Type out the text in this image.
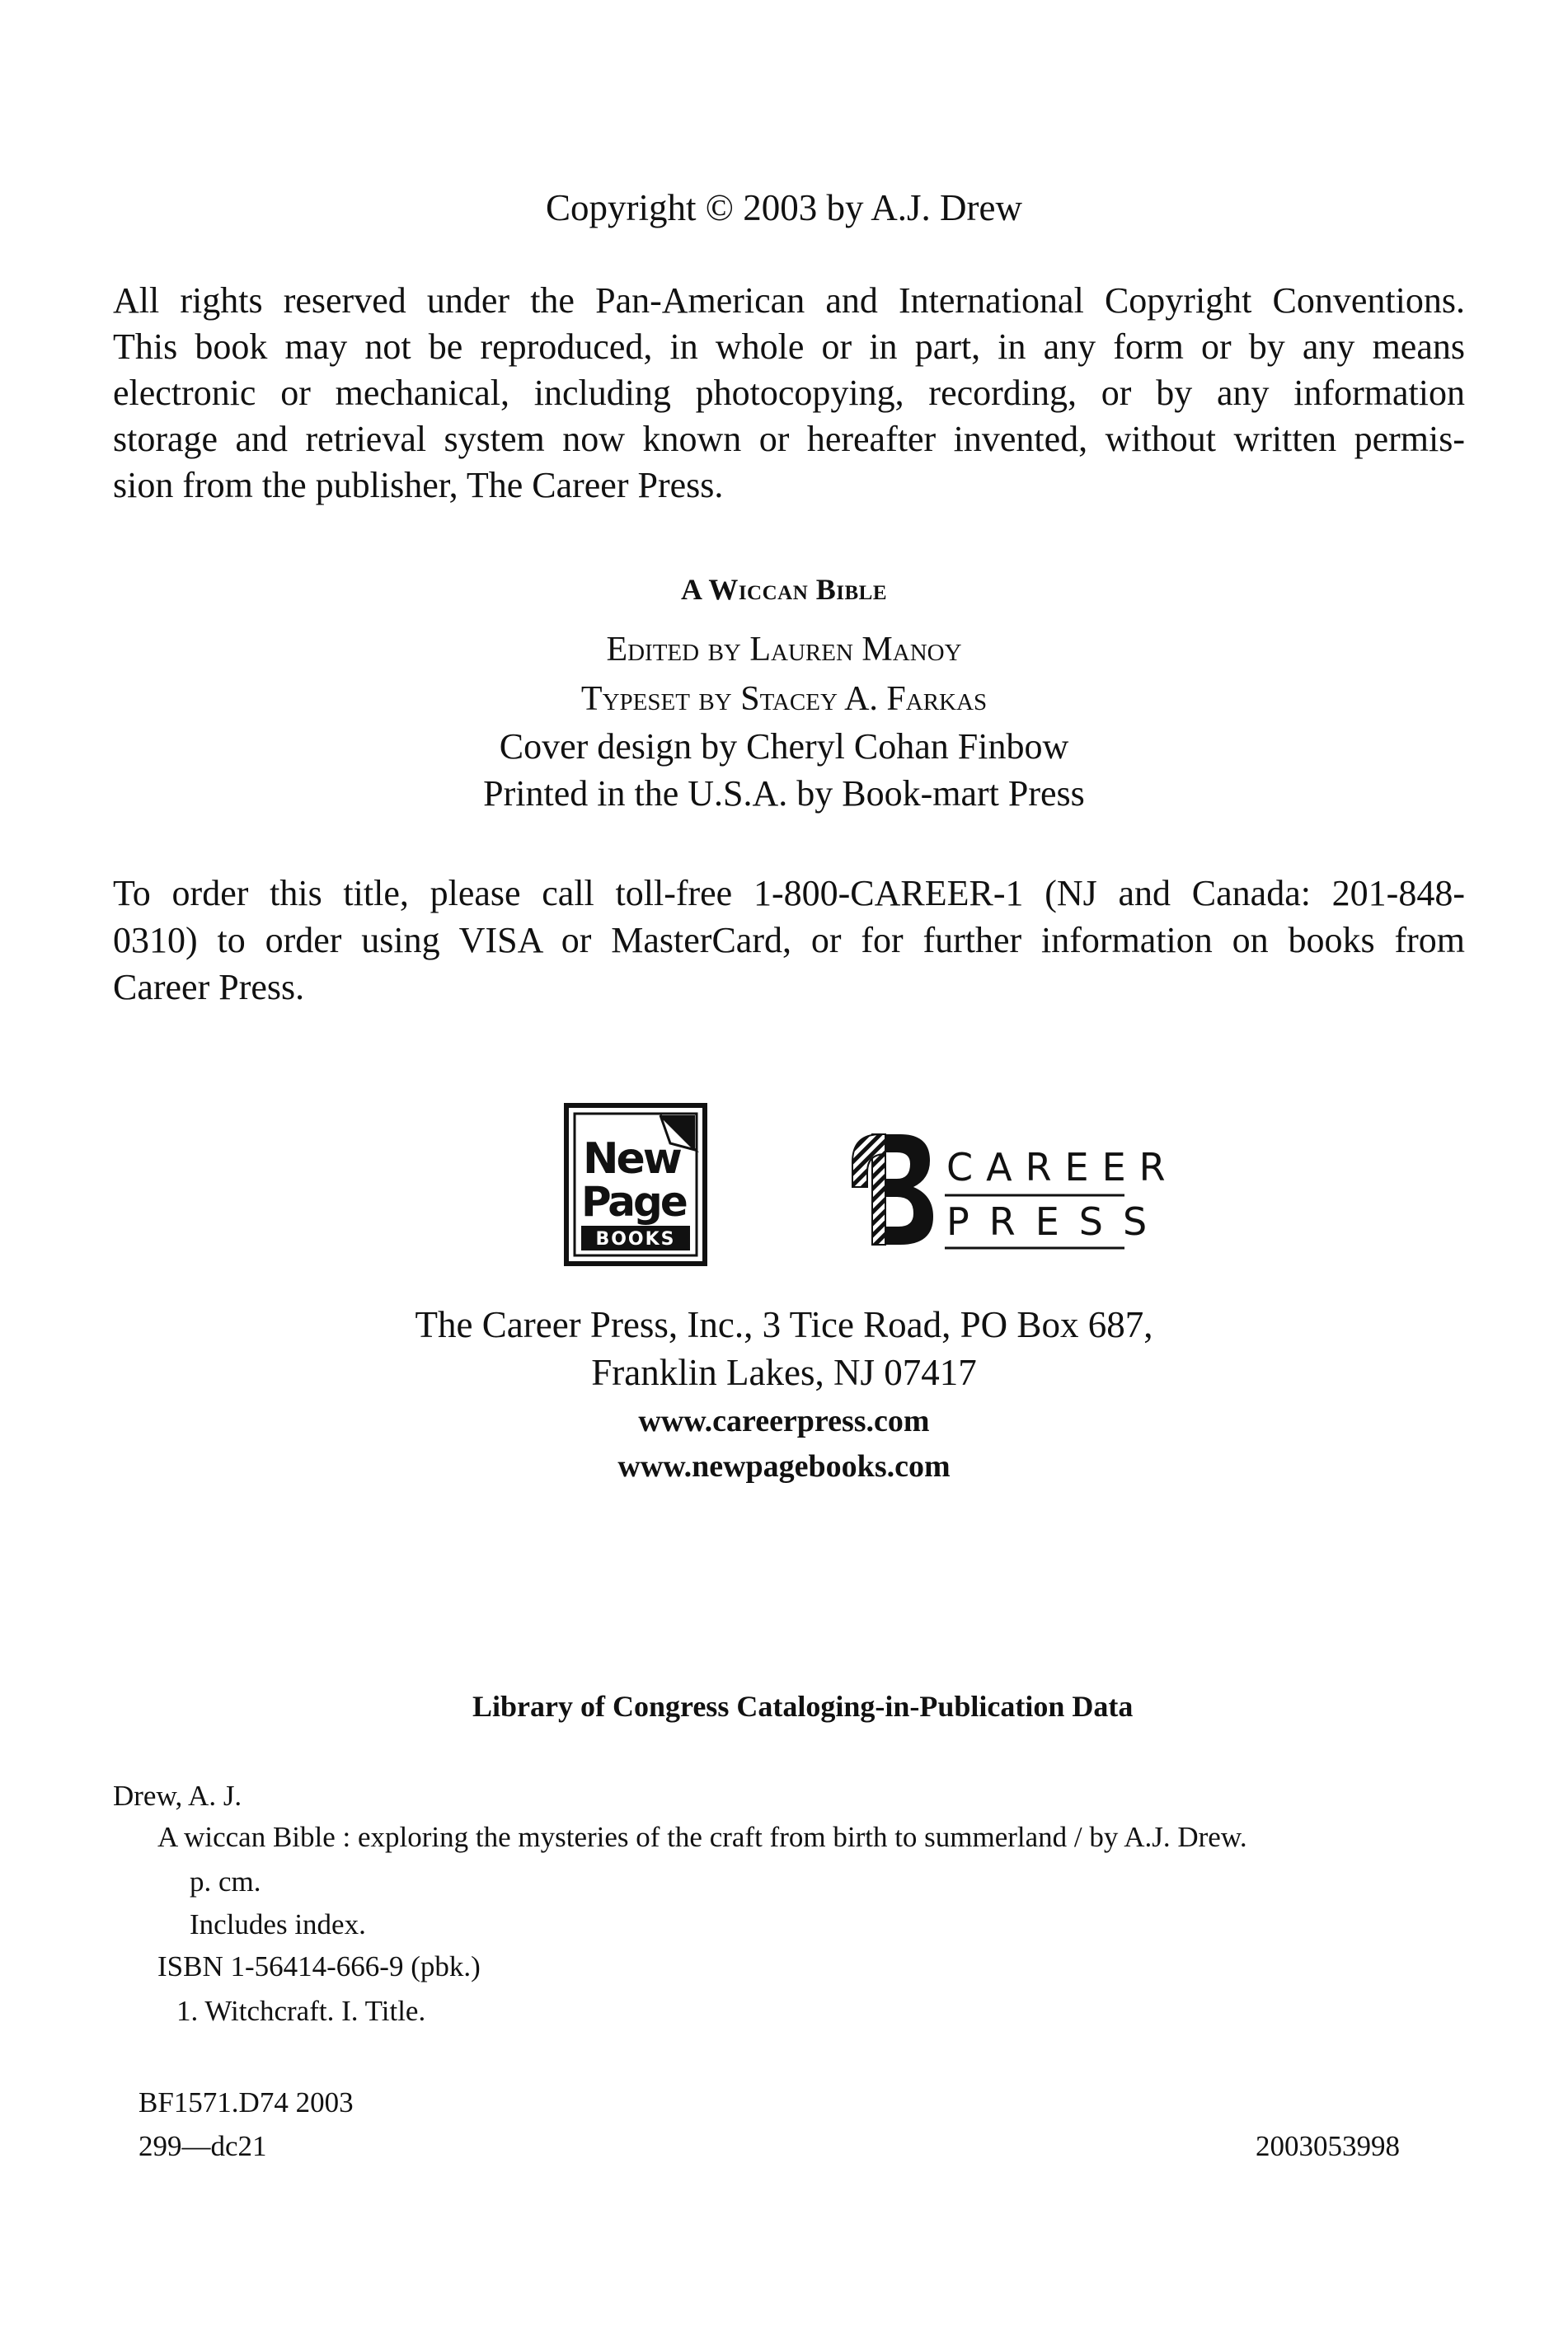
Copyright © 2003 by A.J. Drew
All rights reserved under the Pan-American and International Copyright Conventions.
This book may not be reproduced, in whole or in part, in any form or by any means
electronic or mechanical, including photocopying, recording, or by any information
storage and retrieval system now known or hereafter invented, without written permis-
sion from the publisher, The Career Press.
A Wiccan Bible
Edited by Lauren Manoy
Typeset by Stacey A. Farkas
Cover design by Cheryl Cohan Finbow
Printed in the U.S.A. by Book-mart Press
To order this title, please call toll-free 1-800-CAREER-1 (NJ and Canada: 201-848-
0310) to order using VISA or MasterCard, or for further information on books from
Career Press.
New
Page
BOOKS
CAREER
PRESS
The Career Press, Inc., 3 Tice Road, PO Box 687,
Franklin Lakes, NJ 07417
www.careerpress.com
www.newpagebooks.com
Library of Congress Cataloging-in-Publication Data
Drew, A. J.
A wiccan Bible : exploring the mysteries of the craft from birth to summerland / by A.J. Drew.
p. cm.
Includes index.
ISBN 1-56414-666-9 (pbk.)
1. Witchcraft. I. Title.
BF1571.D74 2003
299—dc21	2003053998
